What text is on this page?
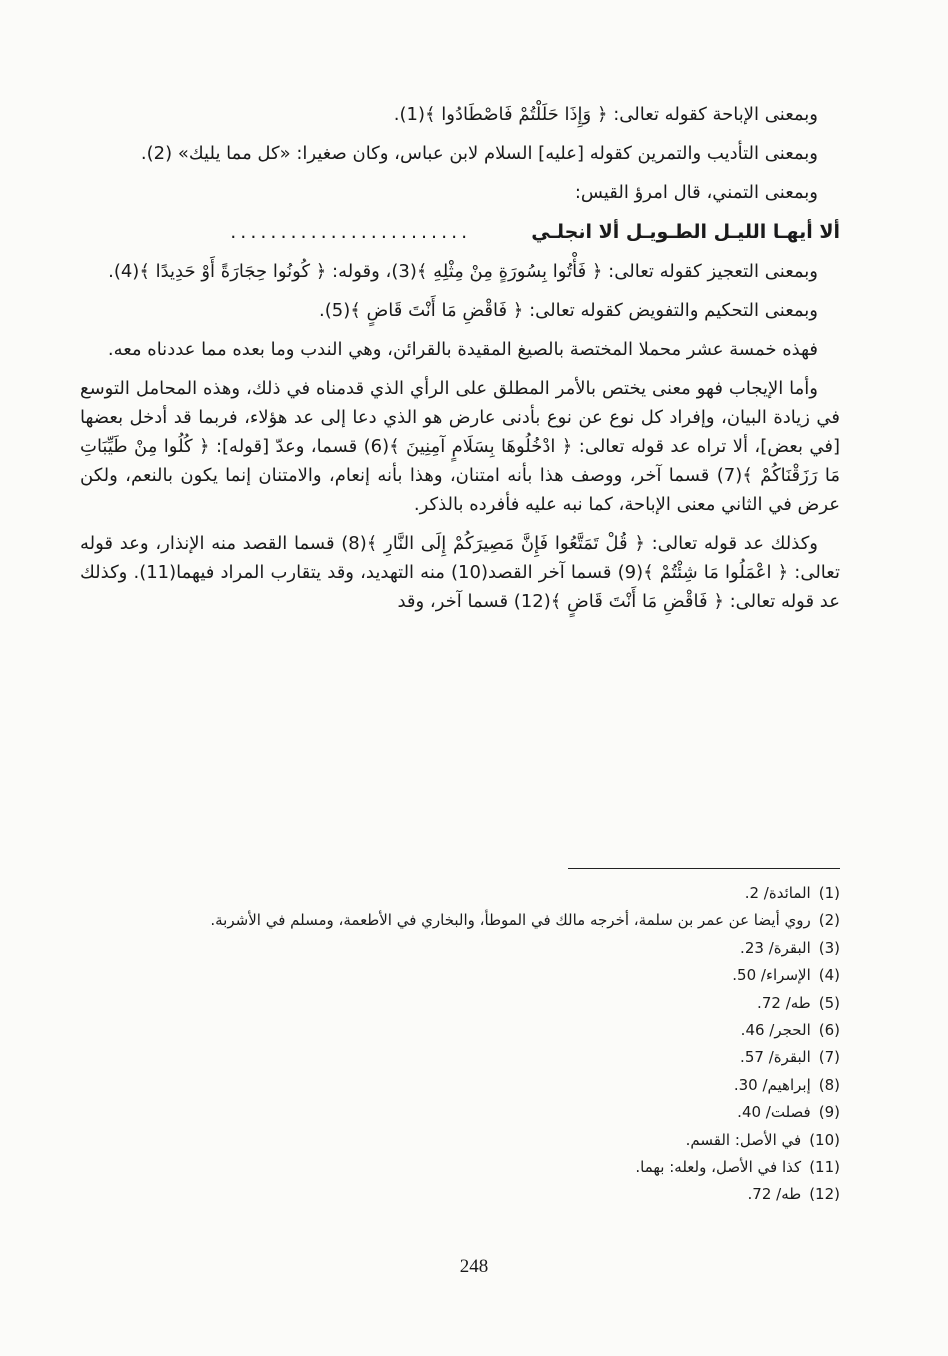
وبمعنى الإباحة كقوله تعالى: ﴿ وَإِذَا حَلَلْتُمْ فَاصْطَادُوا ﴾(1).

وبمعنى التأديب والتمرين كقوله [عليه] السلام لابن عباس، وكان صغيرا: «كل مما يليك» (2).

وبمعنى التمني، قال امرؤ القيس:

ألا أيهـا الليـل الطـويـل ألا انجلـي
........................

وبمعنى التعجيز كقوله تعالى: ﴿ فَأْتُوا بِسُورَةٍ مِنْ مِثْلِهِ ﴾(3)، وقوله: ﴿ كُونُوا حِجَارَةً أَوْ حَدِيدًا ﴾(4).

وبمعنى التحكيم والتفويض كقوله تعالى: ﴿ فَاقْضِ مَا أَنْتَ قَاضٍ ﴾(5).

فهذه خمسة عشر محملا المختصة بالصيغ المقيدة بالقرائن، وهي الندب وما بعده مما عددناه معه.

وأما الإيجاب فهو معنى يختص بالأمر المطلق على الرأي الذي قدمناه في ذلك، وهذه المحامل التوسع في زيادة البيان، وإفراد كل نوع عن نوع بأدنى عارض هو الذي دعا إلى عد هؤلاء، فربما قد أدخل بعضها [في بعض]، ألا تراه عد قوله تعالى: ﴿ ادْخُلُوهَا بِسَلَامٍ آمِنِينَ ﴾(6) قسما، وعدّ [قوله]: ﴿ كُلُوا مِنْ طَيِّبَاتِ مَا رَزَقْنَاكُمْ ﴾(7) قسما آخر، ووصف هذا بأنه امتنان، وهذا بأنه إنعام، والامتنان إنما يكون بالنعم، ولكن عرض في الثاني معنى الإباحة، كما نبه عليه فأفرده بالذكر.

وكذلك عد قوله تعالى: ﴿ قُلْ تَمَتَّعُوا فَإِنَّ مَصِيرَكُمْ إِلَى النَّارِ ﴾(8) قسما القصد منه الإنذار، وعد قوله تعالى: ﴿ اعْمَلُوا مَا شِئْتُمْ ﴾(9) قسما آخر القصد(10) منه التهديد، وقد يتقارب المراد فيهما(11). وكذلك عد قوله تعالى: ﴿ فَاقْضِ مَا أَنْتَ قَاضٍ ﴾(12) قسما آخر، وقد

(1)المائدة/ 2.
(2)روي أيضا عن عمر بن سلمة، أخرجه مالك في الموطأ، والبخاري في الأطعمة، ومسلم في الأشربة.
(3)البقرة/ 23.
(4)الإسراء/ 50.
(5)طه/ 72.
(6)الحجر/ 46.
(7)البقرة/ 57.
(8)إبراهيم/ 30.
(9)فصلت/ 40.
(10)في الأصل: القسم.
(11)كذا في الأصل، ولعله: بهما.
(12)طه/ 72.
248
